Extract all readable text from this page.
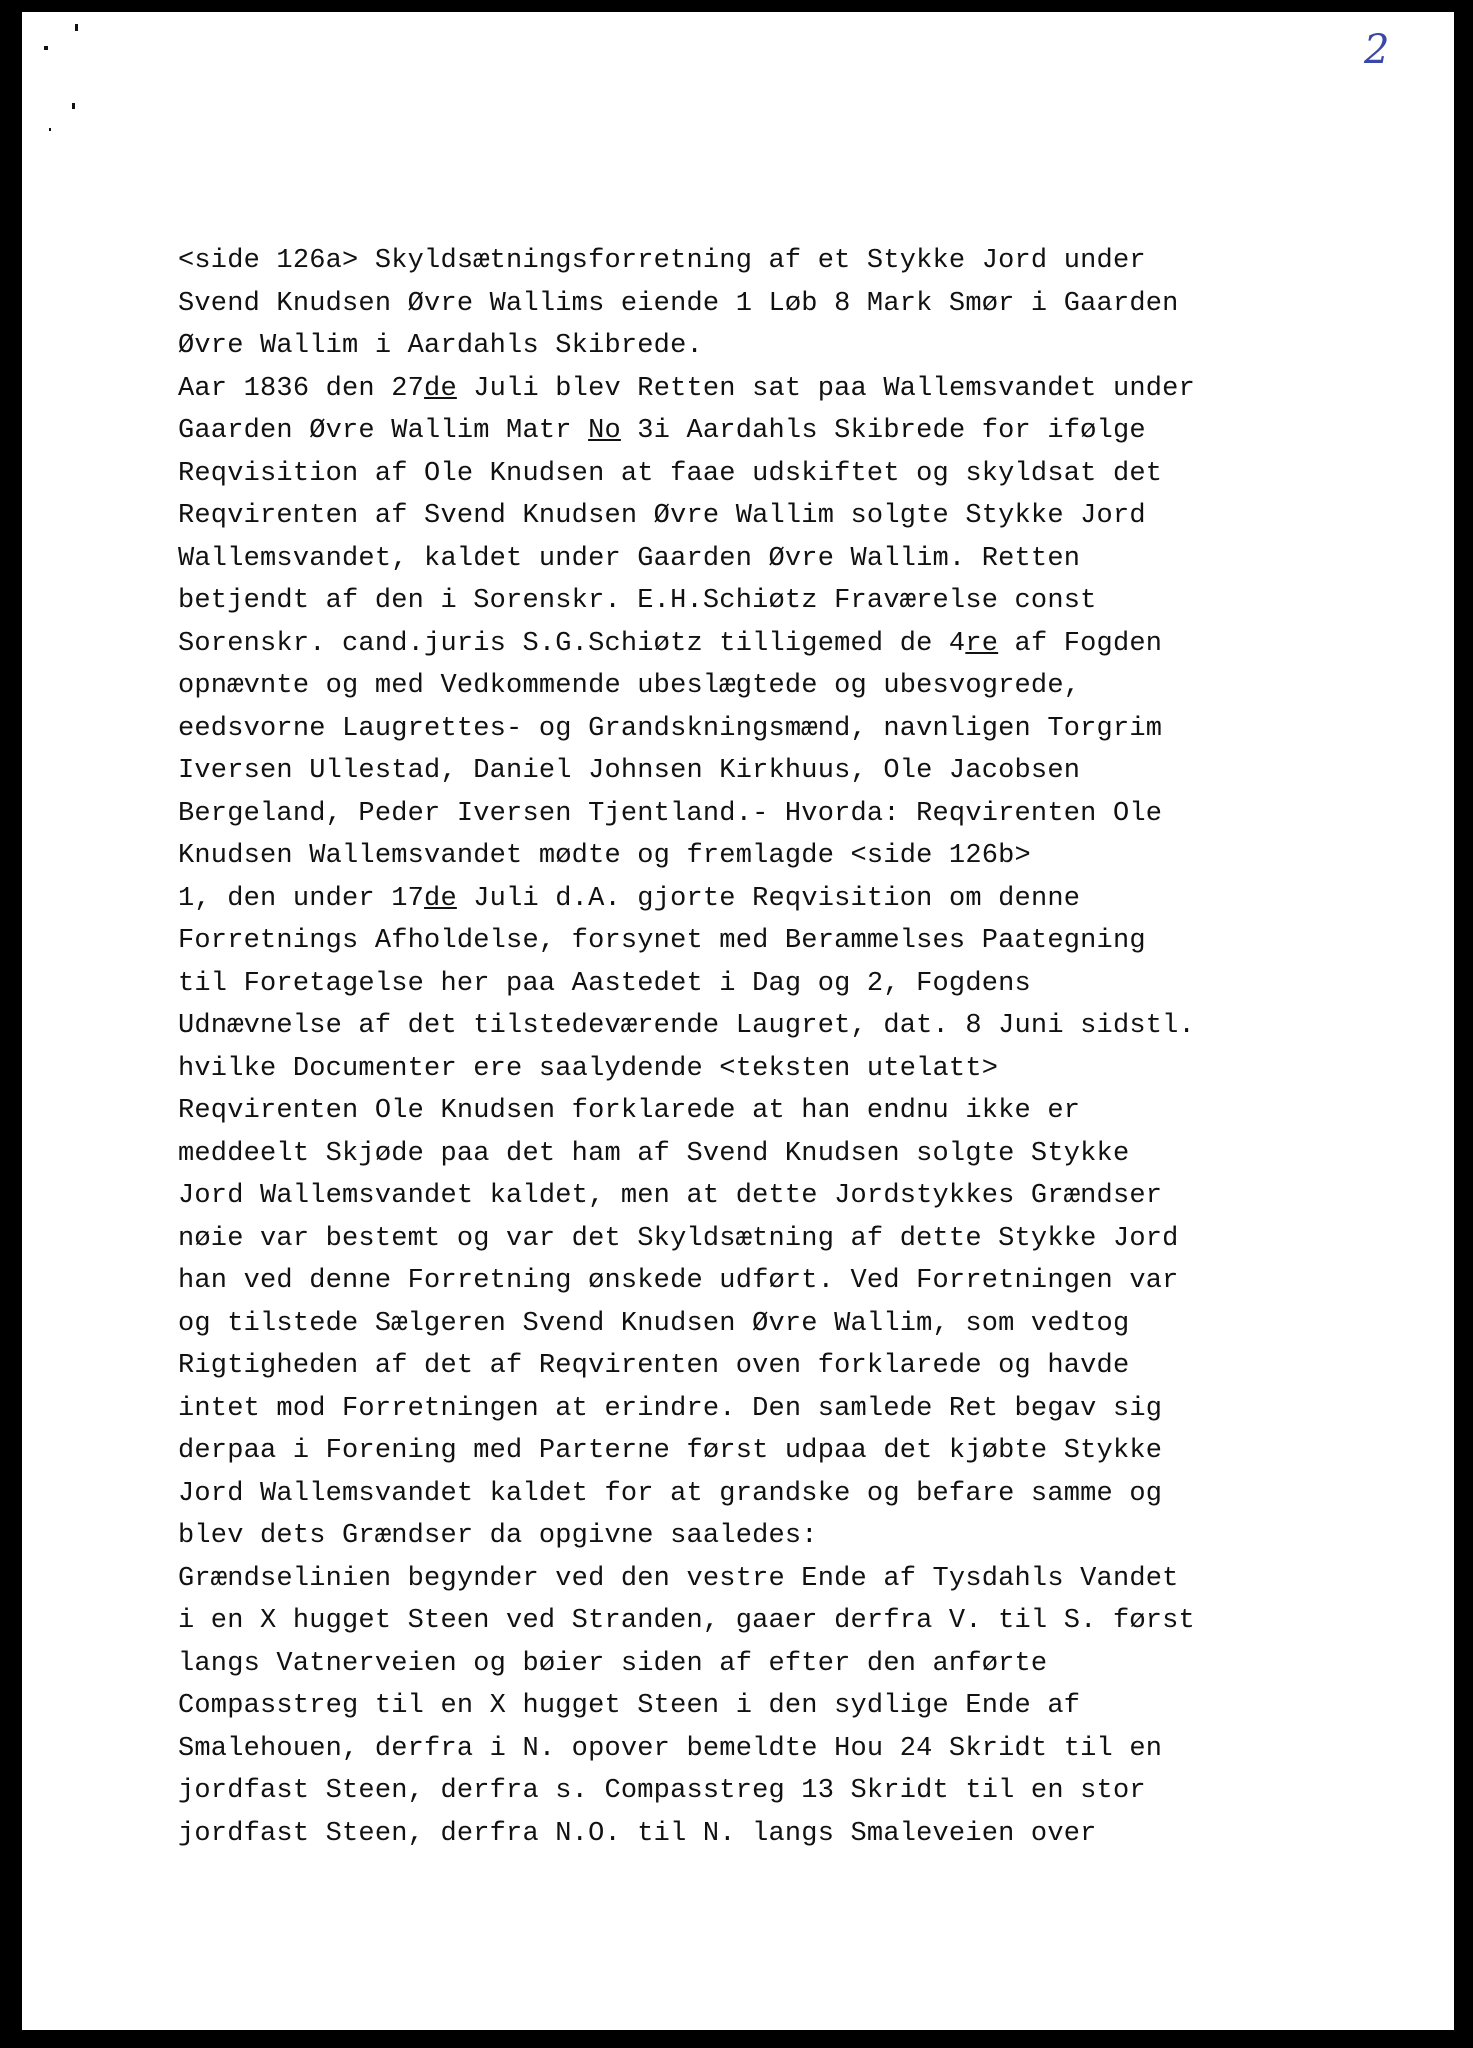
2
<side 126a> Skyldsætningsforretning af et Stykke Jord under
Svend Knudsen Øvre Wallims eiende 1 Løb 8 Mark Smør i Gaarden
Øvre Wallim i Aardahls Skibrede.
Aar 1836 den 27de Juli blev Retten sat paa Wallemsvandet under
Gaarden Øvre Wallim Matr No 3i Aardahls Skibrede for ifølge
Reqvisition af Ole Knudsen at faae udskiftet og skyldsat det
Reqvirenten af Svend Knudsen Øvre Wallim solgte Stykke Jord
Wallemsvandet, kaldet under Gaarden Øvre Wallim. Retten
betjendt af den i Sorenskr. E.H.Schiøtz Fraværelse const
Sorenskr. cand.juris S.G.Schiøtz tilligemed de 4re af Fogden
opnævnte og med Vedkommende ubeslægtede og ubesvogrede,
eedsvorne Laugrettes- og Grandskningsmænd, navnligen Torgrim
Iversen Ullestad, Daniel Johnsen Kirkhuus, Ole Jacobsen
Bergeland, Peder Iversen Tjentland.- Hvorda: Reqvirenten Ole
Knudsen Wallemsvandet mødte og fremlagde <side 126b>
1, den under 17de Juli d.A. gjorte Reqvisition om denne
Forretnings Afholdelse, forsynet med Berammelses Paategning
til Foretagelse her paa Aastedet i Dag og 2, Fogdens
Udnævnelse af det tilstedeværende Laugret, dat. 8 Juni sidstl.
hvilke Documenter ere saalydende <teksten utelatt>
Reqvirenten Ole Knudsen forklarede at han endnu ikke er
meddeelt Skjøde paa det ham af Svend Knudsen solgte Stykke
Jord Wallemsvandet kaldet, men at dette Jordstykkes Grændser
nøie var bestemt og var det Skyldsætning af dette Stykke Jord
han ved denne Forretning ønskede udført. Ved Forretningen var
og tilstede Sælgeren Svend Knudsen Øvre Wallim, som vedtog
Rigtigheden af det af Reqvirenten oven forklarede og havde
intet mod Forretningen at erindre. Den samlede Ret begav sig
derpaa i Forening med Parterne først udpaa det kjøbte Stykke
Jord Wallemsvandet kaldet for at grandske og befare samme og
blev dets Grændser da opgivne saaledes:
Grændselinien begynder ved den vestre Ende af Tysdahls Vandet
i en X hugget Steen ved Stranden, gaaer derfra V. til S. først
langs Vatnerveien og bøier siden af efter den anførte
Compasstreg til en X hugget Steen i den sydlige Ende af
Smalehouen, derfra i N. opover bemeldte Hou 24 Skridt til en
jordfast Steen, derfra s. Compasstreg 13 Skridt til en stor
jordfast Steen, derfra N.O. til N. langs Smaleveien over
